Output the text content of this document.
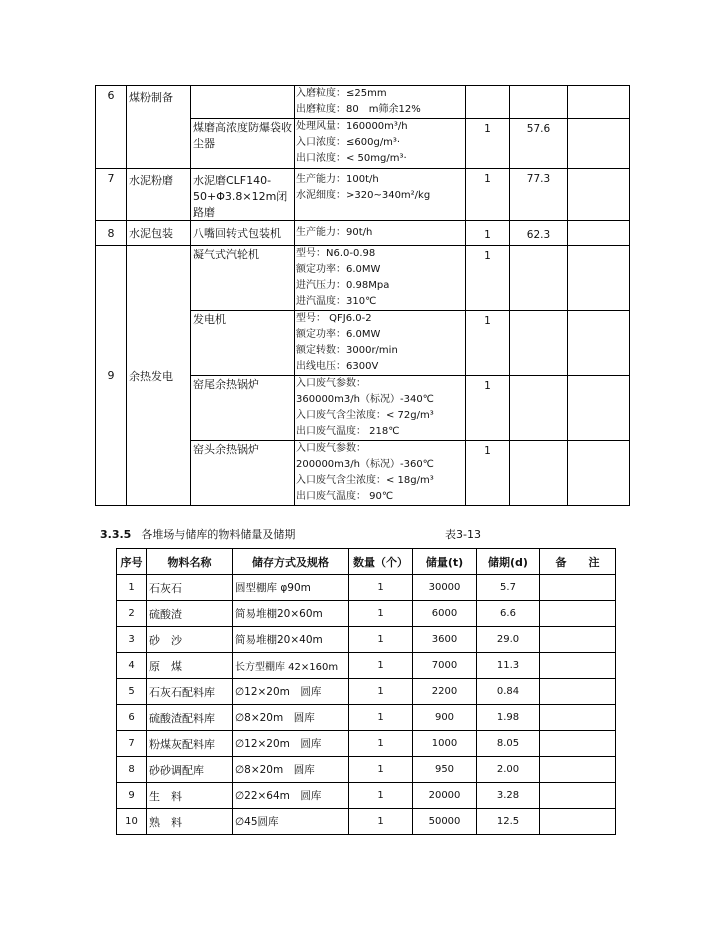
6	煤粉制备		入磨粒度：≤25mm
出磨粒度：80　m筛余12%			

		煤磨高浓度防爆袋收尘器	处理风量：160000m³/h
入口浓度：≤600g/m³·
出口浓度：< 50mg/m³·	1	57.6	
7	水泥粉磨	水泥磨CLF140-50+Φ3.8×12m闭路磨	生产能力：100t/h
水泥细度：>320~340m²/kg	1	77.3	
8	水泥包装	八嘴回转式包装机	生产能力：90t/h	1	62.3	
9	余热发电	凝气式汽轮机	型号：N6.0-0.98
额定功率：6.0MW
进汽压力：0.98Mpa
进汽温度：310℃	1		
		发电机	型号： QFJ6.0-2
额定功率：6.0MW
额定转数：3000r/min
出线电压：6300V	1		
		窑尾余热锅炉	入口废气参数：
360000m3/h（标况）-340℃
入口废气含尘浓度：< 72g/m³
出口废气温度： 218℃	1		
		窑头余热锅炉	入口废气参数：
200000m3/h（标况）-360℃
入口废气含尘浓度：< 18g/m³
出口废气温度： 90℃	1		
3.3.5 各堆场与储库的物料储量及储期	表3-13
序号	物料名称	储存方式及规格	数量（个）	储量(t)	储期(d)	备　　注
1	石灰石	圆型棚库 φ90m	1	30000	5.7	
2	硫酸渣	简易堆棚20×60m	1	6000	6.6	
3	砂　沙	简易堆棚20×40m	1	3600	29.0	
4	原　煤	长方型棚库 42×160m	1	7000	11.3	
5	石灰石配料库	∅12×20m　圆库	1	2200	0.84	
6	硫酸渣配料库	∅8×20m　圆库	1	900	1.98	
7	粉煤灰配料库	∅12×20m　圆库	1	1000	8.05	
8	砂砂调配库	∅8×20m　圆库	1	950	2.00	
9	生　料	∅22×64m　圆库	1	20000	3.28	
10	熟　料	∅45圆库	1	50000	12.5	
